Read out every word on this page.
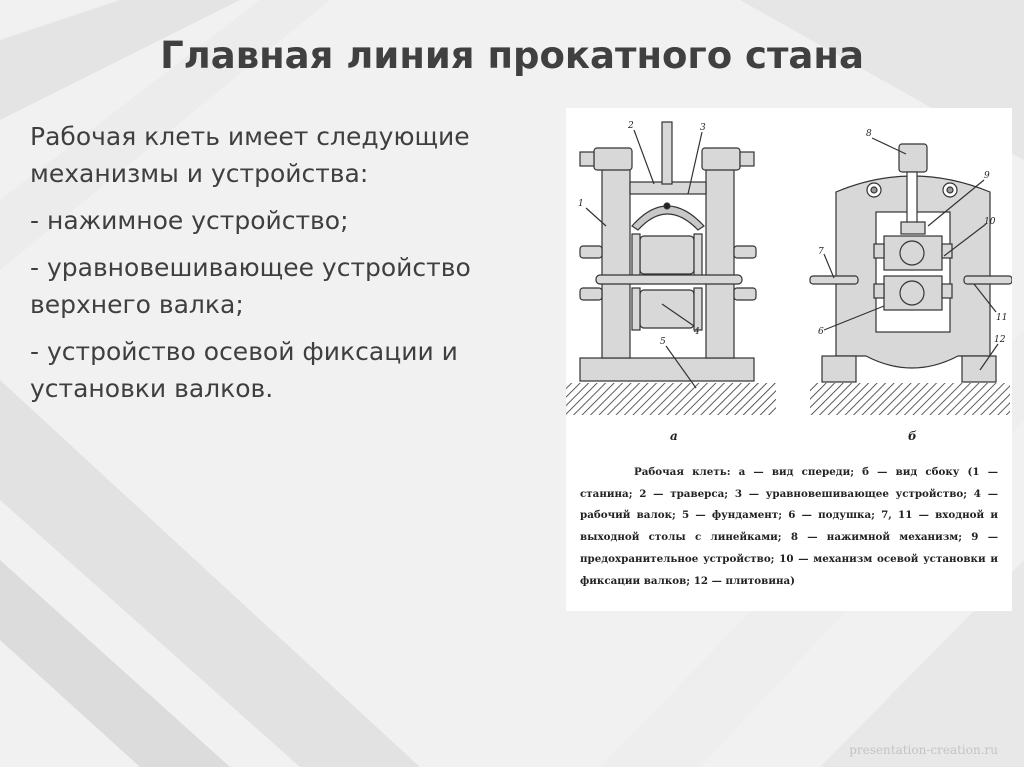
Главная линия прокатного стана

Рабочая клеть имеет следующие механизмы и устройства:

- нажимное устройство;

- уравновешивающее устройство верхнего валка;

- устройство осевой фиксации и установки валков.

1
2	3
4
5
6
7
8
9
10
11
12
а	б
Рабочая клеть: а — вид спереди; б — вид сбоку (1 — станина; 2 — траверса; 3 — уравновешивающее устройство; 4 — рабочий валок; 5 — фундамент; 6 — подушка; 7, 11 — входной и выходной столы с линейками; 8 — нажимной механизм; 9 — предохранительное устройство; 10 — механизм осевой установки и фиксации валков; 12 — плитовина)
presentation-creation.ru
